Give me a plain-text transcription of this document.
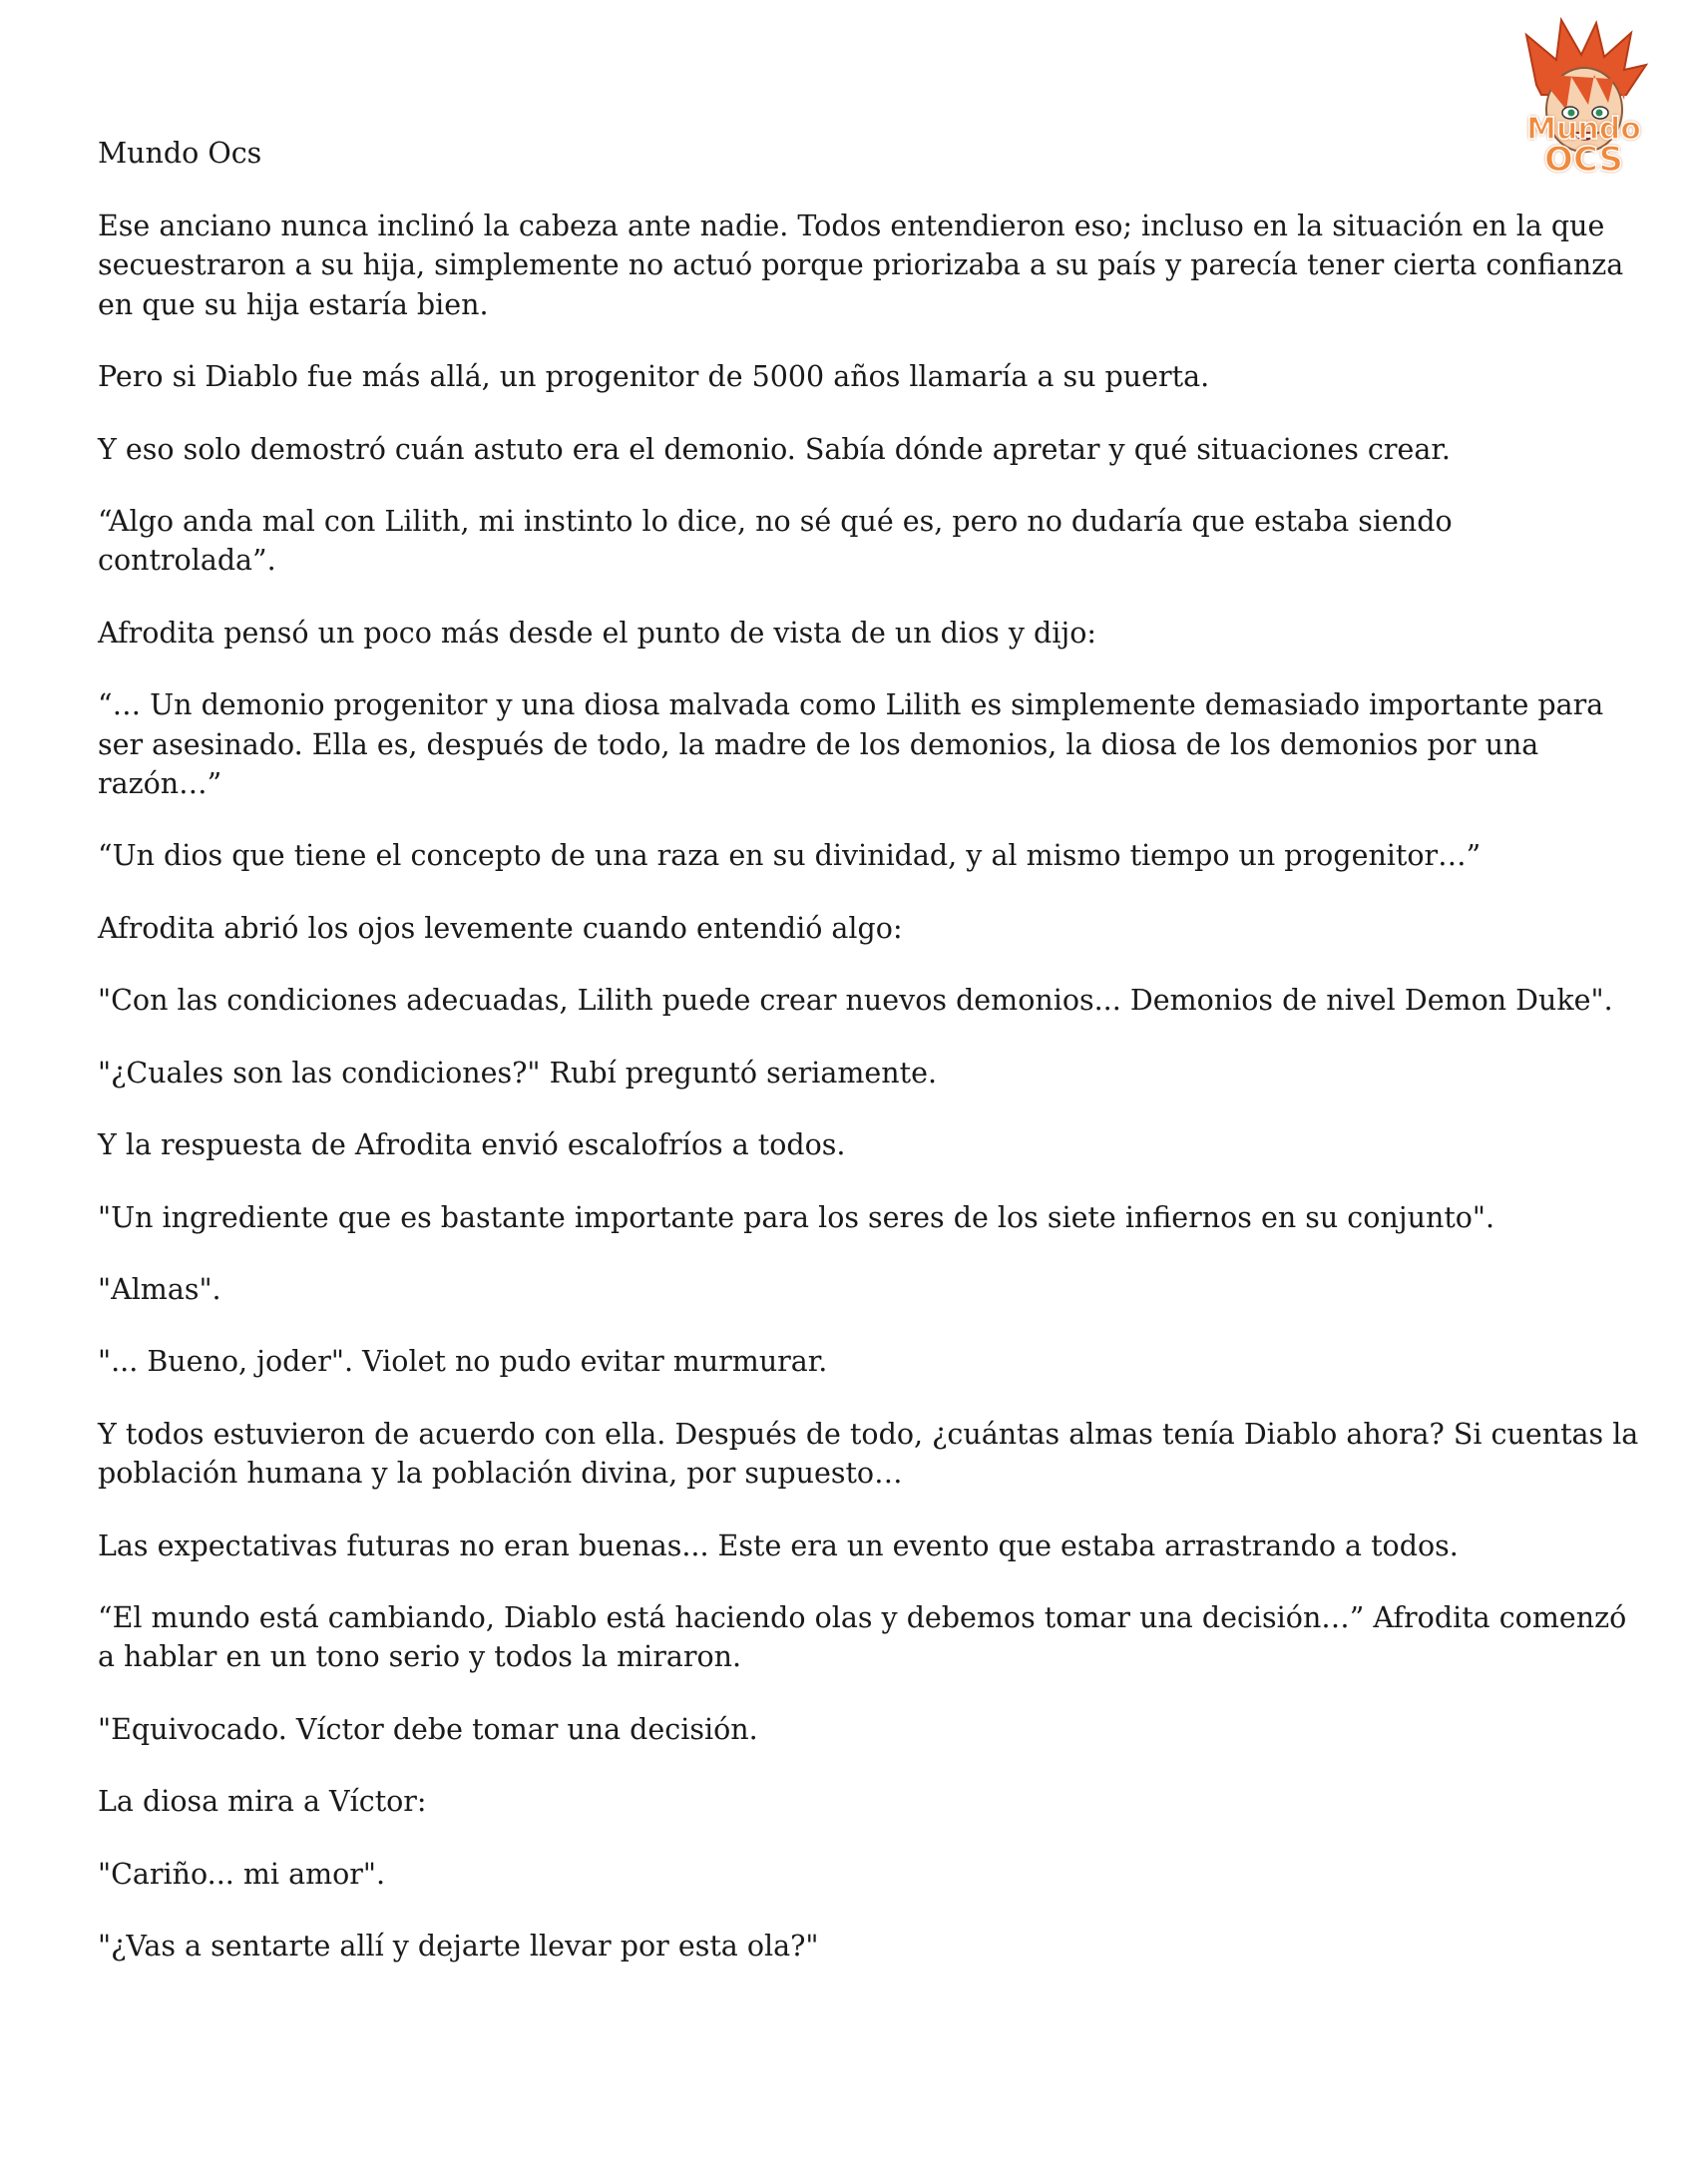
Mundo
OCS
Mundo Ocs

Ese anciano nunca inclinó la cabeza ante nadie. Todos entendieron eso; incluso en la situación en la que secuestraron a su hija, simplemente no actuó porque priorizaba a su país y parecía tener cierta confianza en que su hija estaría bien.

Pero si Diablo fue más allá, un progenitor de 5000 años llamaría a su puerta.

Y eso solo demostró cuán astuto era el demonio. Sabía dónde apretar y qué situaciones crear.

“Algo anda mal con Lilith, mi instinto lo dice, no sé qué es, pero no dudaría que estaba siendo controlada”.

Afrodita pensó un poco más desde el punto de vista de un dios y dijo:

“… Un demonio progenitor y una diosa malvada como Lilith es simplemente demasiado importante para ser asesinado. Ella es, después de todo, la madre de los demonios, la diosa de los demonios por una razón…”

“Un dios que tiene el concepto de una raza en su divinidad, y al mismo tiempo un progenitor…”

Afrodita abrió los ojos levemente cuando entendió algo:

"Con las condiciones adecuadas, Lilith puede crear nuevos demonios... Demonios de nivel Demon Duke".

"¿Cuales son las condiciones?" Rubí preguntó seriamente.

Y la respuesta de Afrodita envió escalofríos a todos.

"Un ingrediente que es bastante importante para los seres de los siete infiernos en su conjunto".

"Almas".

"... Bueno, joder". Violet no pudo evitar murmurar.

Y todos estuvieron de acuerdo con ella. Después de todo, ¿cuántas almas tenía Diablo ahora? Si cuentas la población humana y la población divina, por supuesto…

Las expectativas futuras no eran buenas... Este era un evento que estaba arrastrando a todos.

“El mundo está cambiando, Diablo está haciendo olas y debemos tomar una decisión…” Afrodita comenzó a hablar en un tono serio y todos la miraron.

"Equivocado. Víctor debe tomar una decisión.

La diosa mira a Víctor:

"Cariño... mi amor".

"¿Vas a sentarte allí y dejarte llevar por esta ola?"
